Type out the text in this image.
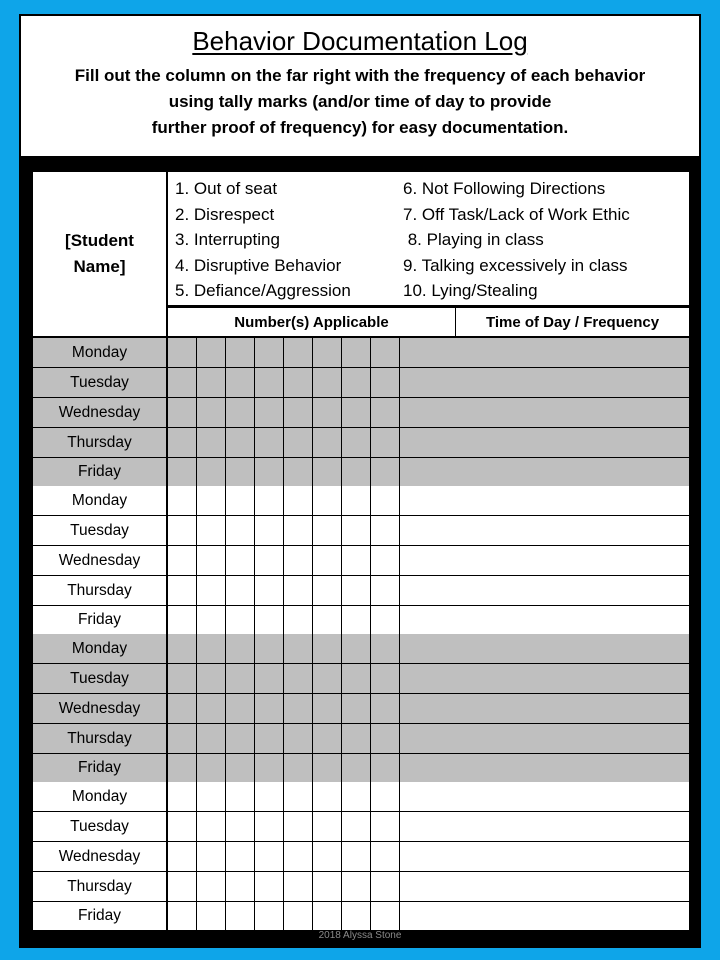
Behavior Documentation Log
Fill out the column on the far right with the frequency of each behavior
using tally marks (and/or time of day to provide
further proof of frequency) for easy documentation.
[Student
Name]
1. Out of seat
2. Disrespect
3. Interrupting
4. Disruptive Behavior
5. Defiance/Aggression
6. Not Following Directions
7. Off Task/Lack of Work Ethic
8. Playing in class
9. Talking excessively in class
10. Lying/Stealing
Number(s) Applicable	Time of Day / Frequency
Monday
Tuesday
Wednesday
Thursday
Friday
Monday
Tuesday
Wednesday
Thursday
Friday
Monday
Tuesday
Wednesday
Thursday
Friday
Monday
Tuesday
Wednesday
Thursday
Friday
2018 Alyssa Stone
